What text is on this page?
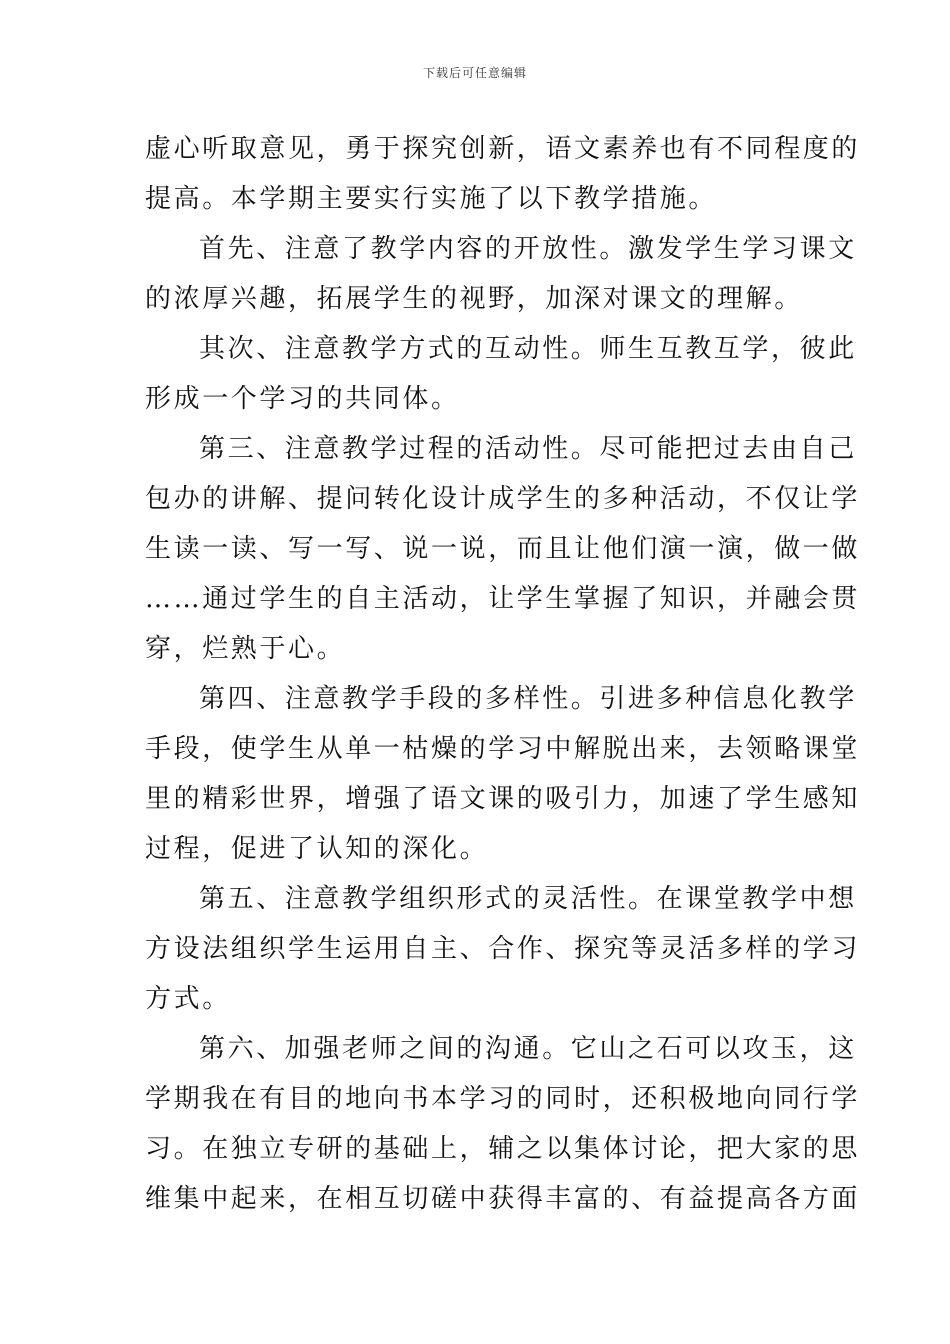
下载后可任意编辑
虚心听取意见，勇于探究创新，语文素养也有不同程度的
提高。本学期主要实行实施了以下教学措施。
首先、注意了教学内容的开放性。激发学生学习课文
的浓厚兴趣，拓展学生的视野，加深对课文的理解。
其次、注意教学方式的互动性。师生互教互学，彼此
形成一个学习的共同体。
第三、注意教学过程的活动性。尽可能把过去由自己
包办的讲解、提问转化设计成学生的多种活动，不仅让学
生读一读、写一写、说一说，而且让他们演一演，做一做
……通过学生的自主活动，让学生掌握了知识，并融会贯
穿，烂熟于心。
第四、注意教学手段的多样性。引进多种信息化教学
手段，使学生从单一枯燥的学习中解脱出来，去领略课堂
里的精彩世界，增强了语文课的吸引力，加速了学生感知
过程，促进了认知的深化。
第五、注意教学组织形式的灵活性。在课堂教学中想
方设法组织学生运用自主、合作、探究等灵活多样的学习
方式。
第六、加强老师之间的沟通。它山之石可以攻玉，这
学期我在有目的地向书本学习的同时，还积极地向同行学
习。在独立专研的基础上，辅之以集体讨论，把大家的思
维集中起来，在相互切磋中获得丰富的、有益提高各方面
